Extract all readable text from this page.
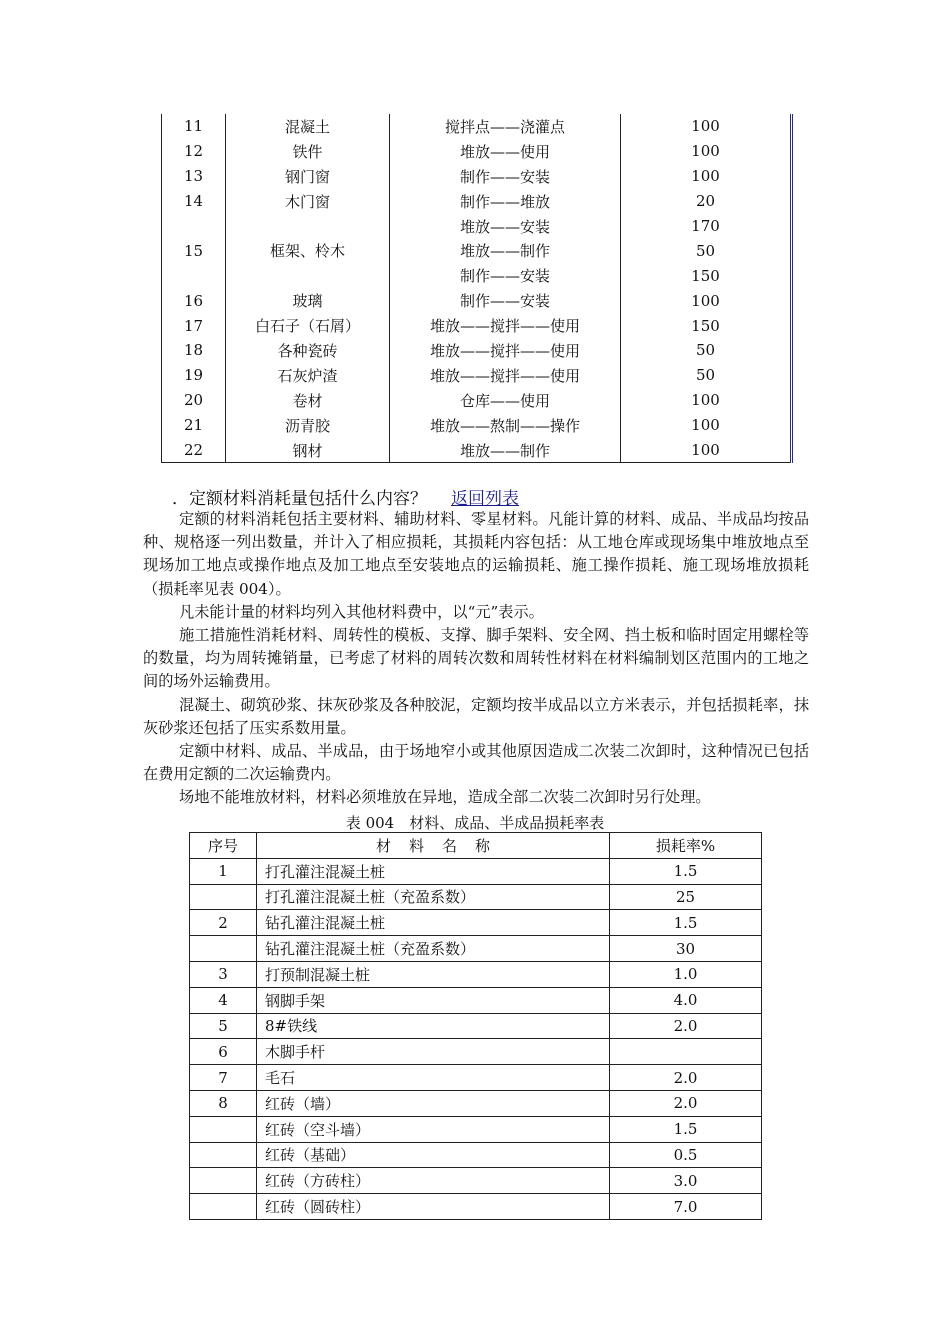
11	混凝土	搅拌点——浇灌点	100
12	铁件	堆放——使用	100
13	钢门窗	制作——安装	100
14	木门窗	制作——堆放	20
		堆放——安装	170
15	框架、柃木	堆放——制作	50
		制作——安装	150
16	玻璃	制作——安装	100
17	白石子（石屑）	堆放——搅拌——使用	150
18	各种瓷砖	堆放——搅拌——使用	50
19	石灰炉渣	堆放——搅拌——使用	50
20	卷材	仓库——使用	100
21	沥青胶	堆放——熬制——操作	100
22	钢材	堆放——制作	100
．定额材料消耗量包括什么内容？ 返回列表

定额的材料消耗包括主要材料、辅助材料、零星材料。凡能计算的材料、成品、半成品均按品种、规格逐一列出数量，并计入了相应损耗，其损耗内容包括：从工地仓库或现场集中堆放地点至现场加工地点或操作地点及加工地点至安装地点的运输损耗、施工操作损耗、施工现场堆放损耗（损耗率见表 004）。

凡未能计量的材料均列入其他材料费中，以“元”表示。

施工措施性消耗材料、周转性的模板、支撑、脚手架料、安全网、挡土板和临时固定用螺栓等的数量，均为周转摊销量，已考虑了材料的周转次数和周转性材料在材料编制划区范围内的工地之间的场外运输费用。

混凝土、砌筑砂浆、抹灰砂浆及各种胶泥，定额均按半成品以立方米表示，并包括损耗率，抹灰砂浆还包括了压实系数用量。

定额中材料、成品、半成品，由于场地窄小或其他原因造成二次装二次卸时，这种情况已包括在费用定额的二次运输费内。

场地不能堆放材料，材料必须堆放在异地，造成全部二次装二次卸时另行处理。

表 004　材料、成品、半成品损耗率表
序号	材料名称	损耗率%
1	打孔灌注混凝土桩	1.5
	打孔灌注混凝土桩（充盈系数）	25
2	钻孔灌注混凝土桩	1.5
	钻孔灌注混凝土桩（充盈系数）	30
3	打预制混凝土桩	1.0
4	钢脚手架	4.0
5	8#铁线	2.0
6	木脚手杆	
7	毛石	2.0
8	红砖（墙）	2.0
	红砖（空斗墙）	1.5
	红砖（基础）	0.5
	红砖（方砖柱）	3.0
	红砖（圆砖柱）	7.0
